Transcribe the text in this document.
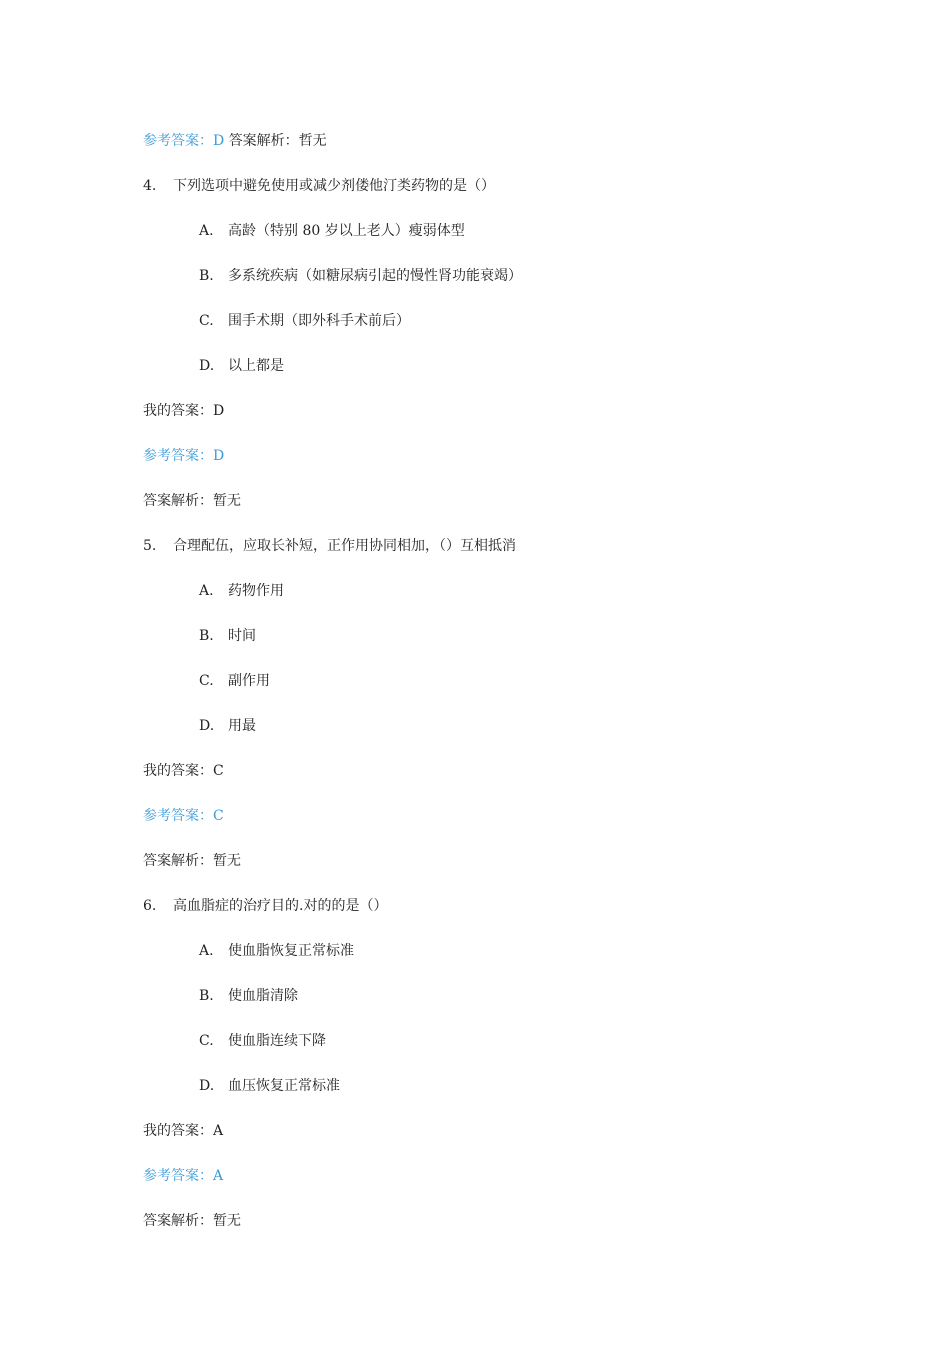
参考答案：D 答案解析：哲无
4. 下列选项中避免使用或减少剂偻他汀类药物的是（）
A. 高龄（特别 80 岁以上老人）瘦弱体型
B. 多系统疾病（如糖尿病引起的慢性肾功能衰竭）
C. 围手术期（即外科手术前后）
D. 以上都是
我的答案：D
参考答案：D
答案解析：暂无
5. 合理配伍，应取长补短，正作用协同相加，（）互相抵消
A. 药物作用
B. 时间
C. 副作用
D. 用最
我的答案：C
参考答案：C
答案解析：暂无
6. 高血脂症的治疗目的.对的的是（）
A. 使血脂恢复正常标准
B. 使血脂清除
C. 使血脂连续下降
D. 血压恢复正常标准
我的答案：A
参考答案：A
答案解析：暂无
